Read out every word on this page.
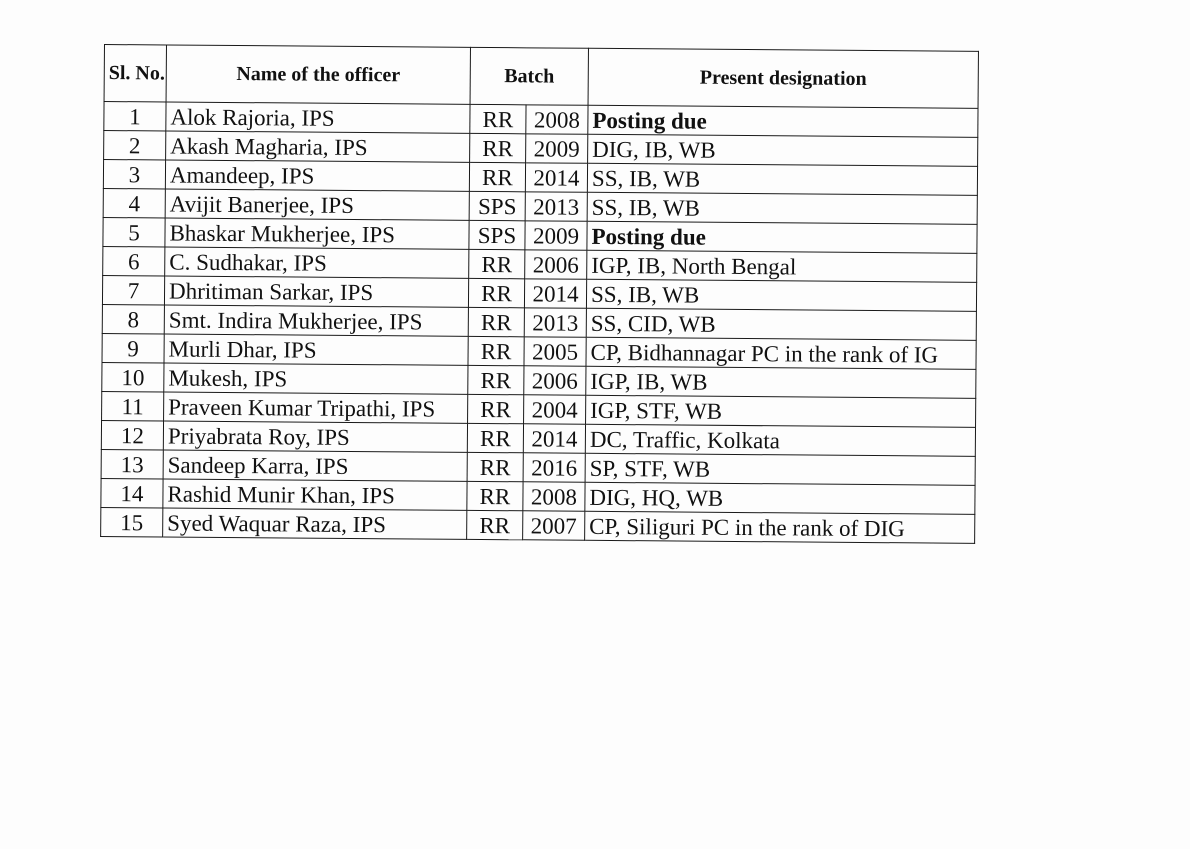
Sl. No.	Name of the officer	Batch		Present designation
1	Alok Rajoria, IPS	RR	2008	Posting due
2	Akash Magharia, IPS	RR	2009	DIG, IB, WB
3	Amandeep, IPS	RR	2014	SS, IB, WB
4	Avijit Banerjee, IPS	SPS	2013	SS, IB, WB
5	Bhaskar Mukherjee, IPS	SPS	2009	Posting due
6	C. Sudhakar, IPS	RR	2006	IGP, IB, North Bengal
7	Dhritiman Sarkar, IPS	RR	2014	SS, IB, WB
8	Smt. Indira Mukherjee, IPS	RR	2013	SS, CID, WB
9	Murli Dhar, IPS	RR	2005	CP, Bidhannagar PC in the rank of IG
10	Mukesh, IPS	RR	2006	IGP, IB, WB
11	Praveen Kumar Tripathi, IPS	RR	2004	IGP, STF, WB
12	Priyabrata Roy, IPS	RR	2014	DC, Traffic, Kolkata
13	Sandeep Karra, IPS	RR	2016	SP, STF, WB
14	Rashid Munir Khan, IPS	RR	2008	DIG, HQ, WB
15	Syed Waquar Raza, IPS	RR	2007	CP, Siliguri PC in the rank of DIG
